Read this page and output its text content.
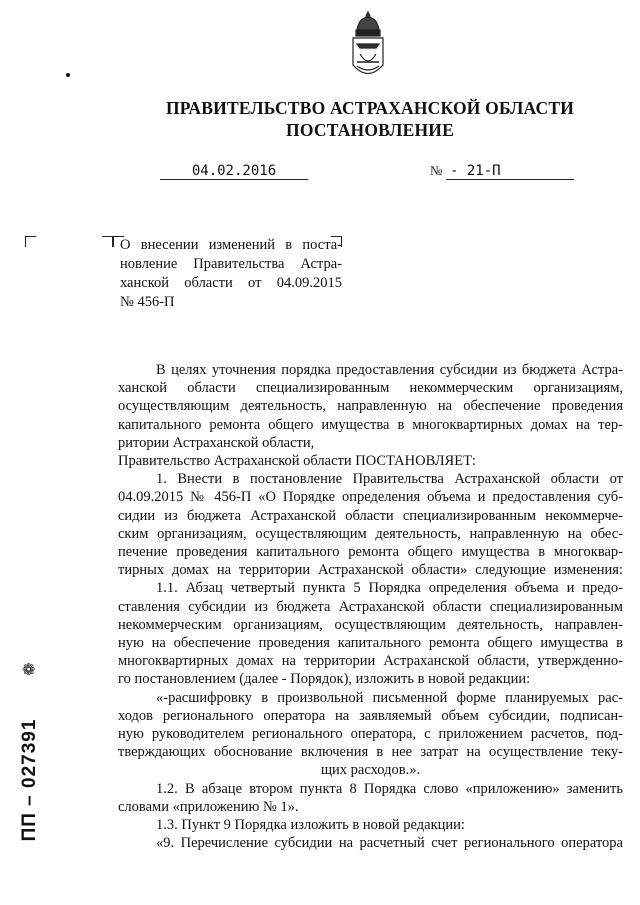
ПРАВИТЕЛЬСТВО АСТРАХАНСКОЙ ОБЛАСТИ
ПОСТАНОВЛЕНИЕ
04.02.2016	№ - 21-П
О внесении изменений в поста-
новление Правительства Астра-
ханской области от 04.09.2015
№ 456-П
В целях уточнения порядка предоставления субсидии из бюджета Астра-
ханской области специализированным некоммерческим организациям,
осуществляющим деятельность, направленную на обеспечение проведения
капитального ремонта общего имущества в многоквартирных домах на тер-
ритории Астраханской области,
Правительство Астраханской области ПОСТАНОВЛЯЕТ:
1. Внести в постановление Правительства Астраханской области от
04.09.2015 № 456-П «О Порядке определения объема и предоставления суб-
сидии из бюджета Астраханской области специализированным некоммерче-
ским организациям, осуществляющим деятельность, направленную на обес-
печение проведения капитального ремонта общего имущества в многоквар-
тирных домах на территории Астраханской области» следующие изменения:
1.1. Абзац четвертый пункта 5 Порядка определения объема и предо-
ставления субсидии из бюджета Астраханской области специализированным
некоммерческим организациям, осуществляющим деятельность, направлен-
ную на обеспечение проведения капитального ремонта общего имущества в
многоквартирных домах на территории Астраханской области, утвержденно-
го постановлением (далее - Порядок), изложить в новой редакции:
«-расшифровку в произвольной письменной форме планируемых рас-
ходов регионального оператора на заявляемый объем субсидии, подписан-
ную руководителем регионального оператора, с приложением расчетов, под-
тверждающих обоснование включения в нее затрат на осуществление теку-
щих расходов.».
1.2. В абзаце втором пункта 8 Порядка слово «приложению» заменить
словами «приложению № 1».
1.3. Пункт 9 Порядка изложить в новой редакции:
«9. Перечисление субсидии на расчетный счет регионального оператора
❁
ПП – 027391
